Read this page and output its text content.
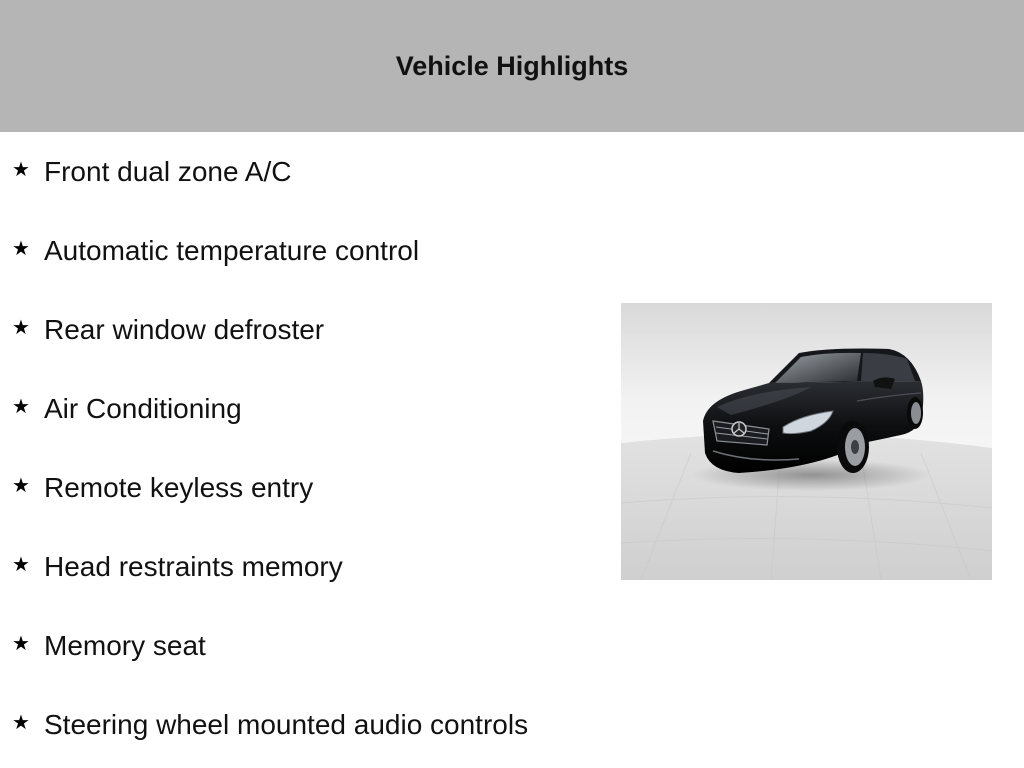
Vehicle Highlights
★ Front dual zone A/C
★ Automatic temperature control
★ Rear window defroster
★ Air Conditioning
★ Remote keyless entry
★ Head restraints memory
★ Memory seat
★ Steering wheel mounted audio controls
